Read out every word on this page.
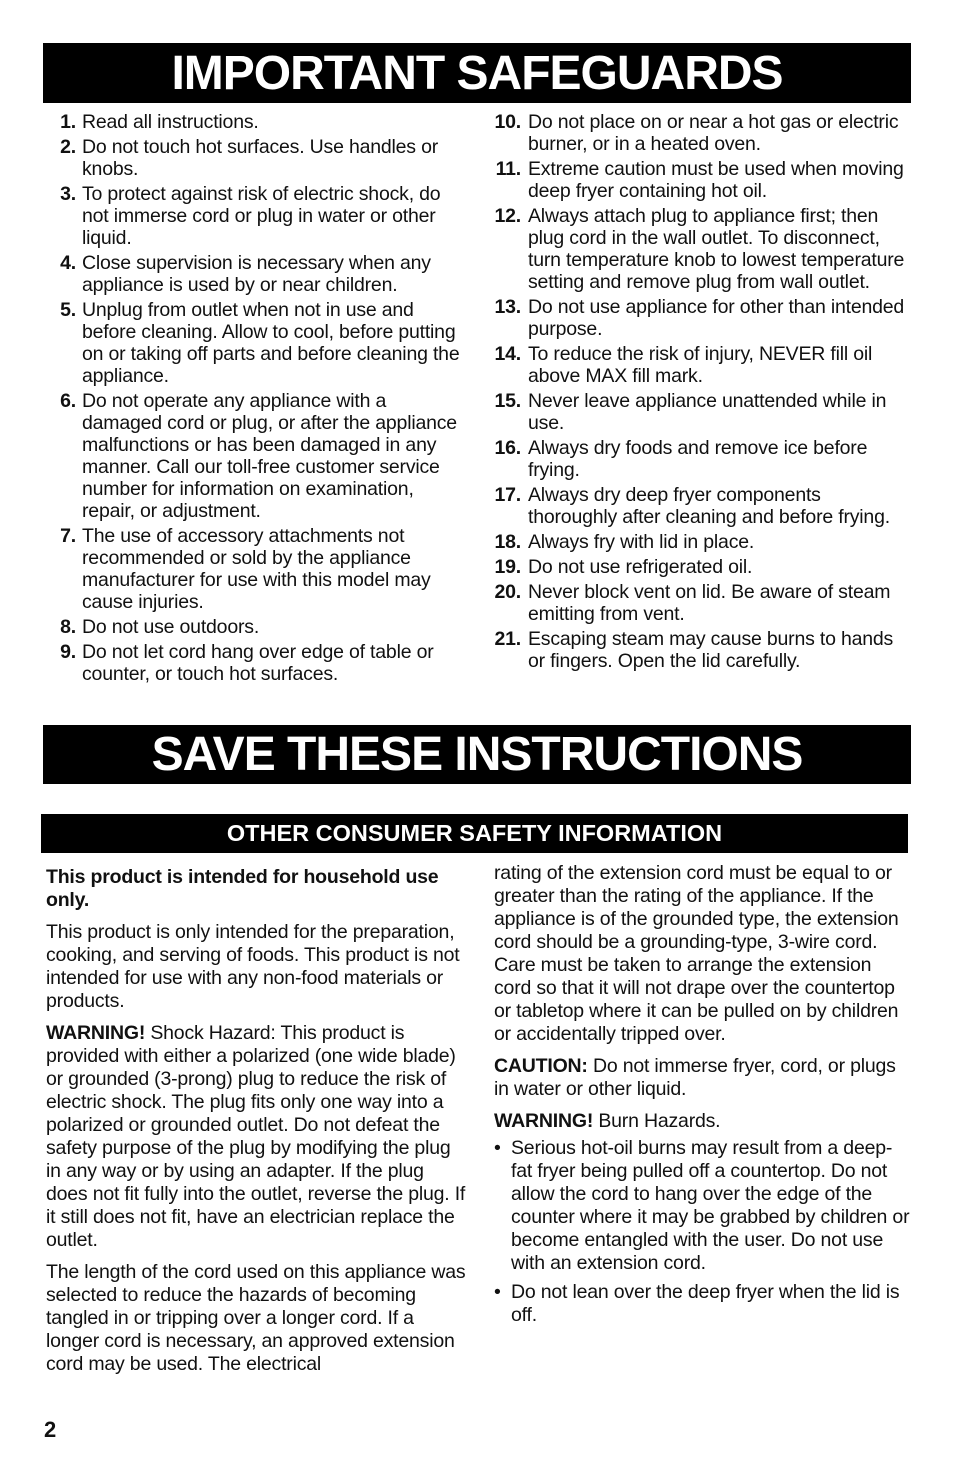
IMPORTANT SAFEGUARDS
1. Read all instructions.
2. Do not touch hot surfaces. Use handles or knobs.
3. To protect against risk of electric shock, do not immerse cord or plug in water or other liquid.
4. Close supervision is necessary when any appliance is used by or near children.
5. Unplug from outlet when not in use and before cleaning. Allow to cool, before putting on or taking off parts and before cleaning the appliance.
6. Do not operate any appliance with a damaged cord or plug, or after the appliance malfunctions or has been damaged in any manner. Call our toll-free customer service number for information on examination, repair, or adjustment.
7. The use of accessory attachments not recommended or sold by the appliance manufacturer for use with this model may cause injuries.
8. Do not use outdoors.
9. Do not let cord hang over edge of table or counter, or touch hot surfaces.
10. Do not place on or near a hot gas or electric burner, or in a heated oven.
11. Extreme caution must be used when moving deep fryer containing hot oil.
12. Always attach plug to appliance first; then plug cord in the wall outlet. To disconnect, turn temperature knob to lowest temperature setting and remove plug from wall outlet.
13. Do not use appliance for other than intended purpose.
14. To reduce the risk of injury, NEVER fill oil above MAX fill mark.
15. Never leave appliance unattended while in use.
16. Always dry foods and remove ice before frying.
17. Always dry deep fryer components thoroughly after cleaning and before frying.
18. Always fry with lid in place.
19. Do not use refrigerated oil.
20. Never block vent on lid. Be aware of steam emitting from vent.
21. Escaping steam may cause burns to hands or fingers. Open the lid carefully.
SAVE THESE INSTRUCTIONS
OTHER CONSUMER SAFETY INFORMATION

This product is intended for household use only.

This product is only intended for the preparation, cooking, and serving of foods. This product is not intended for use with any non-food materials or products.

WARNING! Shock Hazard: This product is provided with either a polarized (one wide blade) or grounded (3-prong) plug to reduce the risk of electric shock. The plug fits only one way into a polarized or grounded outlet. Do not defeat the safety purpose of the plug by modifying the plug in any way or by using an adapter. If the plug does not fit fully into the outlet, reverse the plug. If it still does not fit, have an electrician replace the outlet.

The length of the cord used on this appliance was selected to reduce the hazards of becoming tangled in or tripping over a longer cord. If a longer cord is necessary, an approved extension cord may be used. The electrical

rating of the extension cord must be equal to or greater than the rating of the appliance. If the appliance is of the grounded type, the extension cord should be a grounding-type, 3-wire cord. Care must be taken to arrange the extension cord so that it will not drape over the countertop or tabletop where it can be pulled on by children or accidentally tripped over.

CAUTION: Do not immerse fryer, cord, or plugs in water or other liquid.

WARNING! Burn Hazards.

• Serious hot-oil burns may result from a deep-fat fryer being pulled off a countertop. Do not allow the cord to hang over the edge of the counter where it may be grabbed by children or become entangled with the user. Do not use with an extension cord.
• Do not lean over the deep fryer when the lid is off.
2
